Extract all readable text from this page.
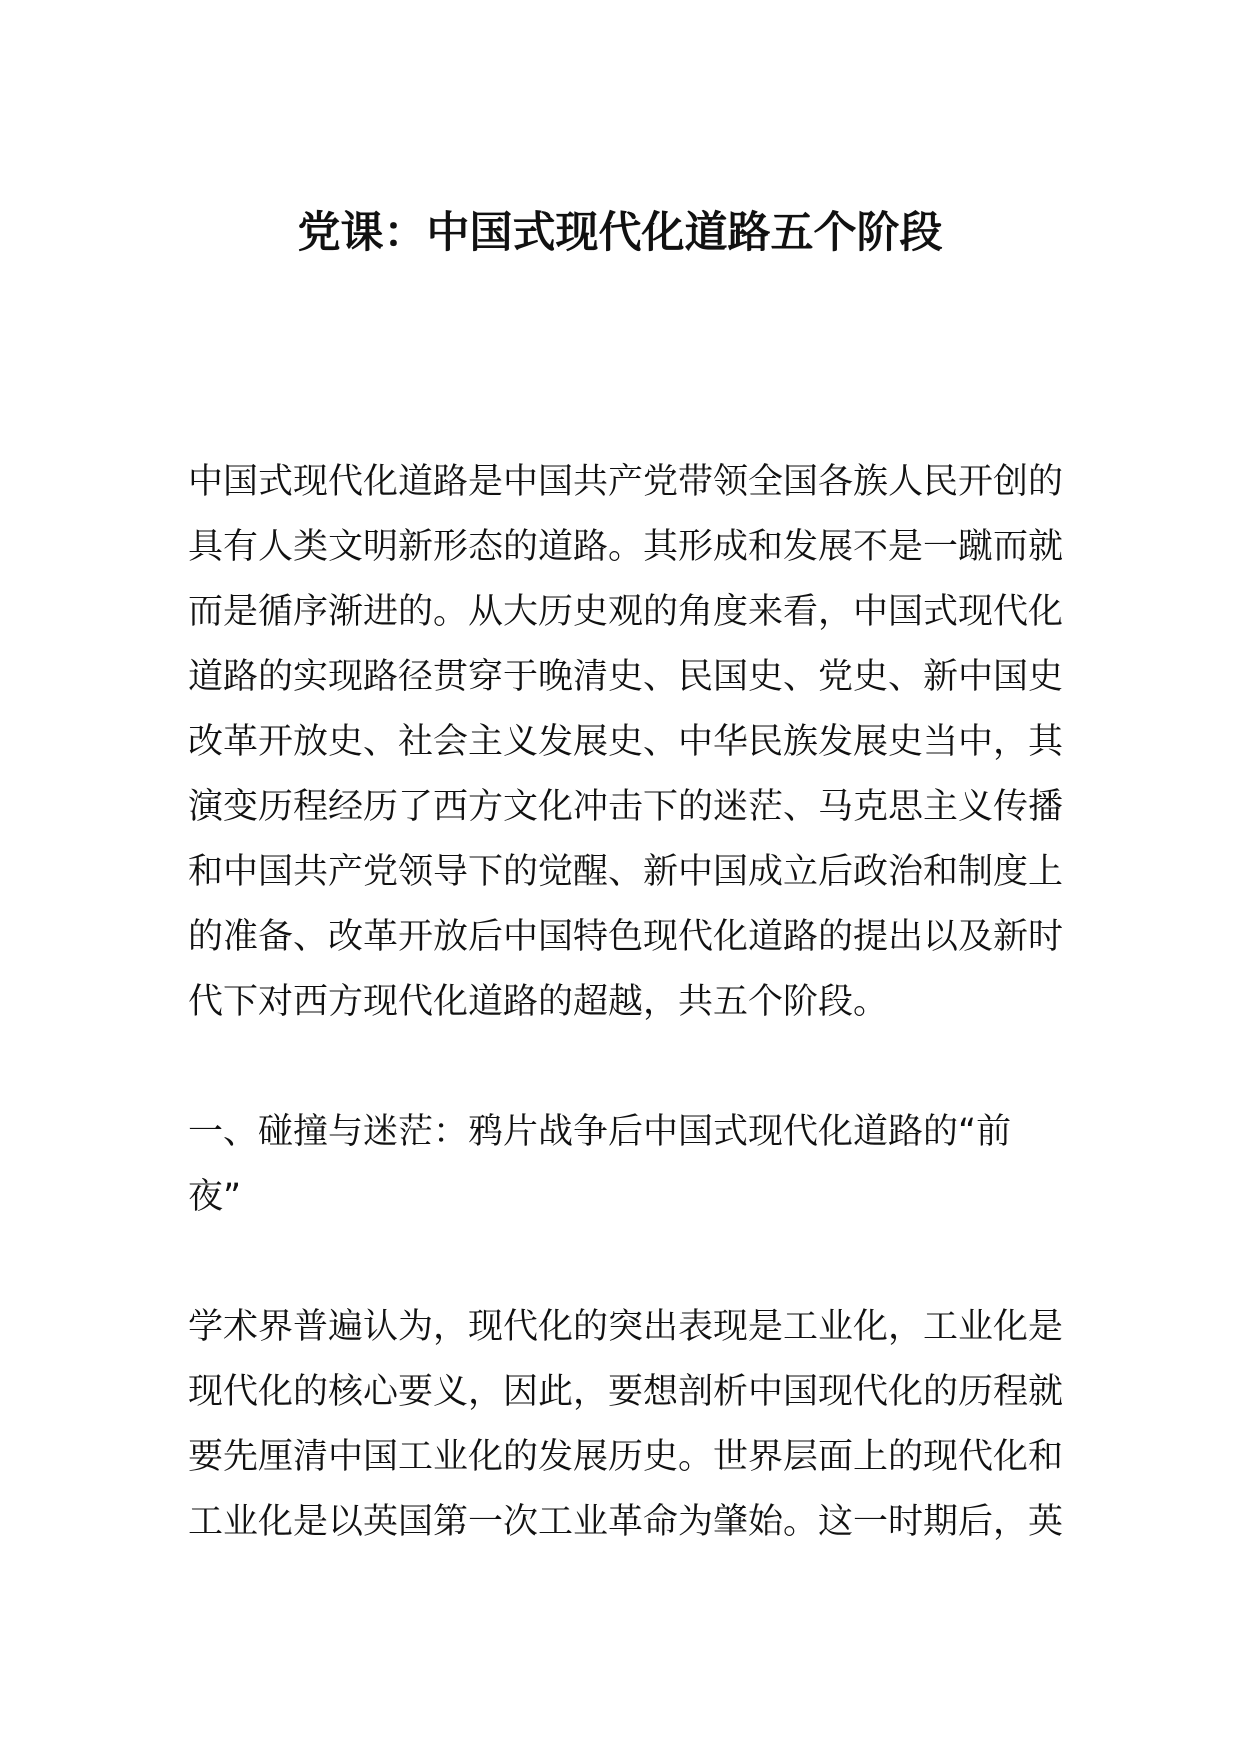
党课：中国式现代化道路五个阶段

中国式现代化道路是中国共产党带领全国各族人民开创的
具有人类文明新形态的道路。其形成和发展不是一蹴而就
而是循序渐进的。从大历史观的角度来看，中国式现代化
道路的实现路径贯穿于晚清史、民国史、党史、新中国史
改革开放史、社会主义发展史、中华民族发展史当中，其
演变历程经历了西方文化冲击下的迷茫、马克思主义传播
和中国共产党领导下的觉醒、新中国成立后政治和制度上
的准备、改革开放后中国特色现代化道路的提出以及新时
代下对西方现代化道路的超越，共五个阶段。

一、碰撞与迷茫：鸦片战争后中国式现代化道路的“前
夜”

学术界普遍认为，现代化的突出表现是工业化，工业化是
现代化的核心要义，因此，要想剖析中国现代化的历程就
要先厘清中国工业化的发展历史。世界层面上的现代化和
工业化是以英国第一次工业革命为肇始。这一时期后，英
